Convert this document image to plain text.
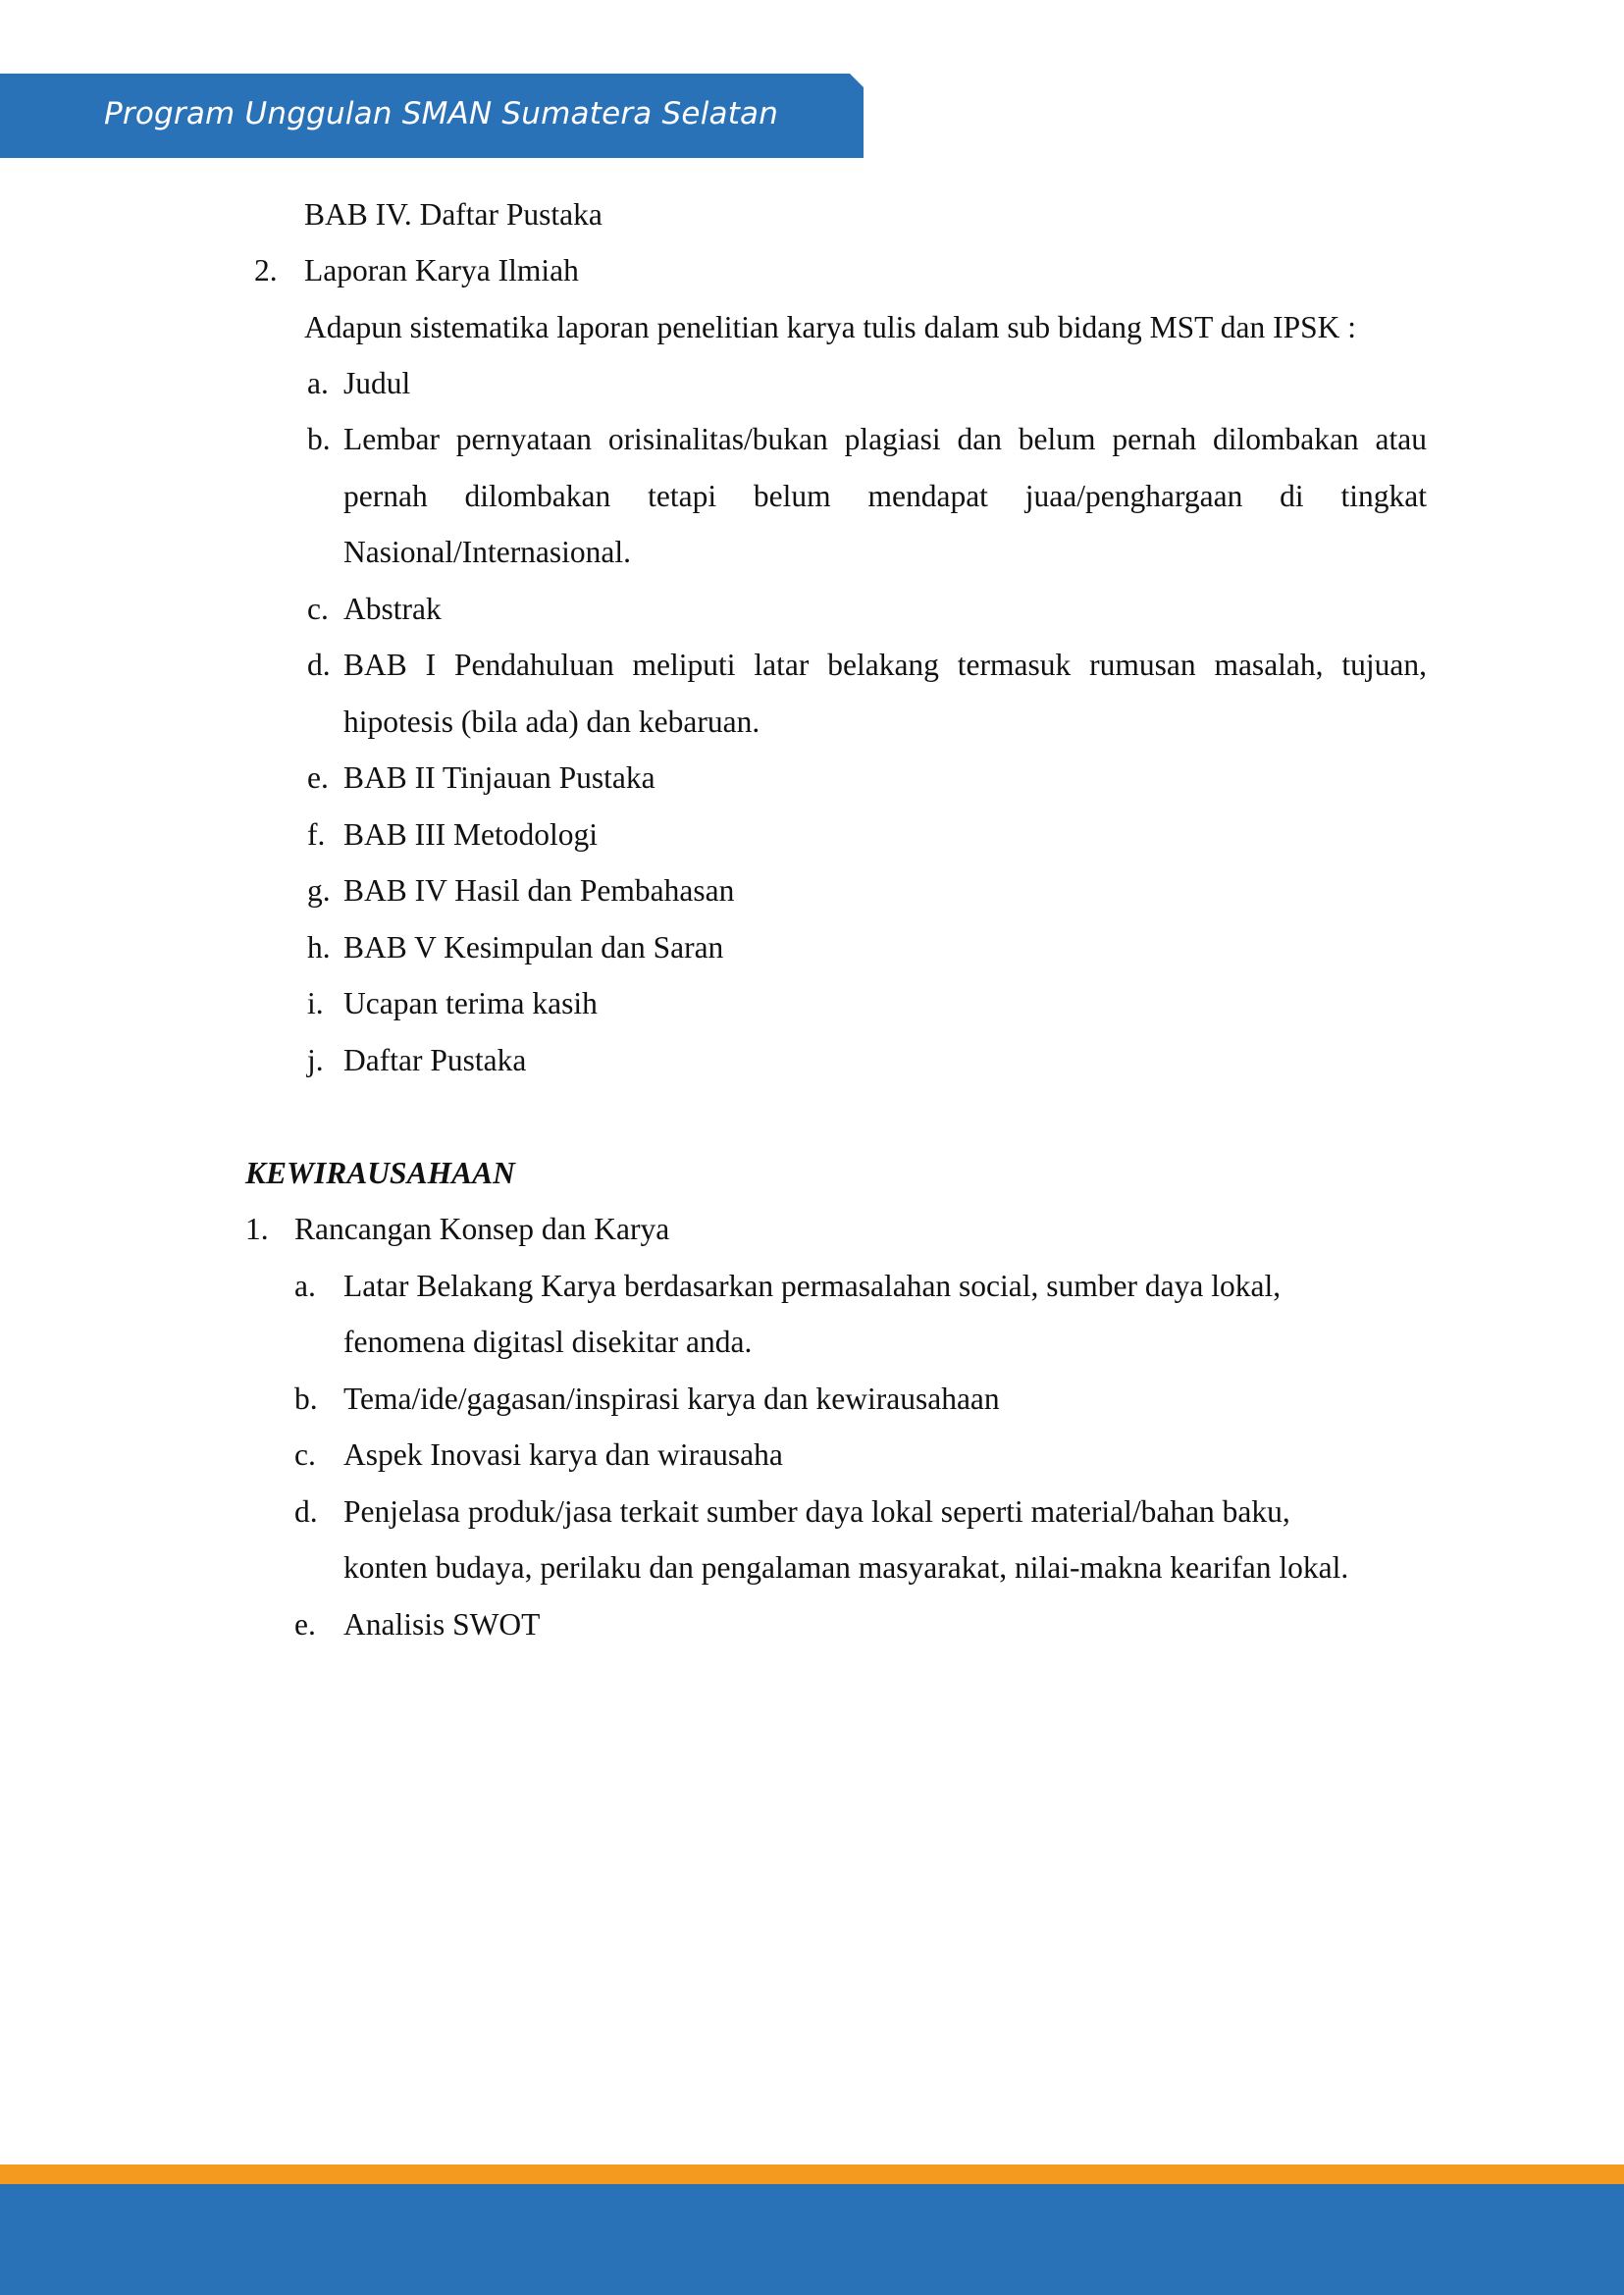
Program Unggulan SMAN Sumatera Selatan
BAB IV. Daftar Pustaka
2. Laporan Karya Ilmiah
Adapun sistematika laporan penelitian karya tulis dalam sub bidang MST dan IPSK :
a. Judul
b. Lembar pernyataan orisinalitas/bukan plagiasi dan belum pernah dilombakan atau
pernah dilombakan tetapi belum mendapat juaa/penghargaan di tingkat
Nasional/Internasional.
c. Abstrak
d. BAB I Pendahuluan meliputi latar belakang termasuk rumusan masalah, tujuan,
hipotesis (bila ada) dan kebaruan.
e. BAB II Tinjauan Pustaka
f. BAB III Metodologi
g. BAB IV Hasil dan Pembahasan
h. BAB V Kesimpulan dan Saran
i. Ucapan terima kasih
j. Daftar Pustaka
KEWIRAUSAHAAN
1. Rancangan Konsep dan Karya
a. Latar Belakang Karya berdasarkan permasalahan social, sumber daya lokal,
fenomena digitasl disekitar anda.
b. Tema/ide/gagasan/inspirasi karya dan kewirausahaan
c. Aspek Inovasi karya dan wirausaha
d. Penjelasa produk/jasa terkait sumber daya lokal seperti material/bahan baku,
konten budaya, perilaku dan pengalaman masyarakat, nilai-makna kearifan lokal.
e. Analisis SWOT
